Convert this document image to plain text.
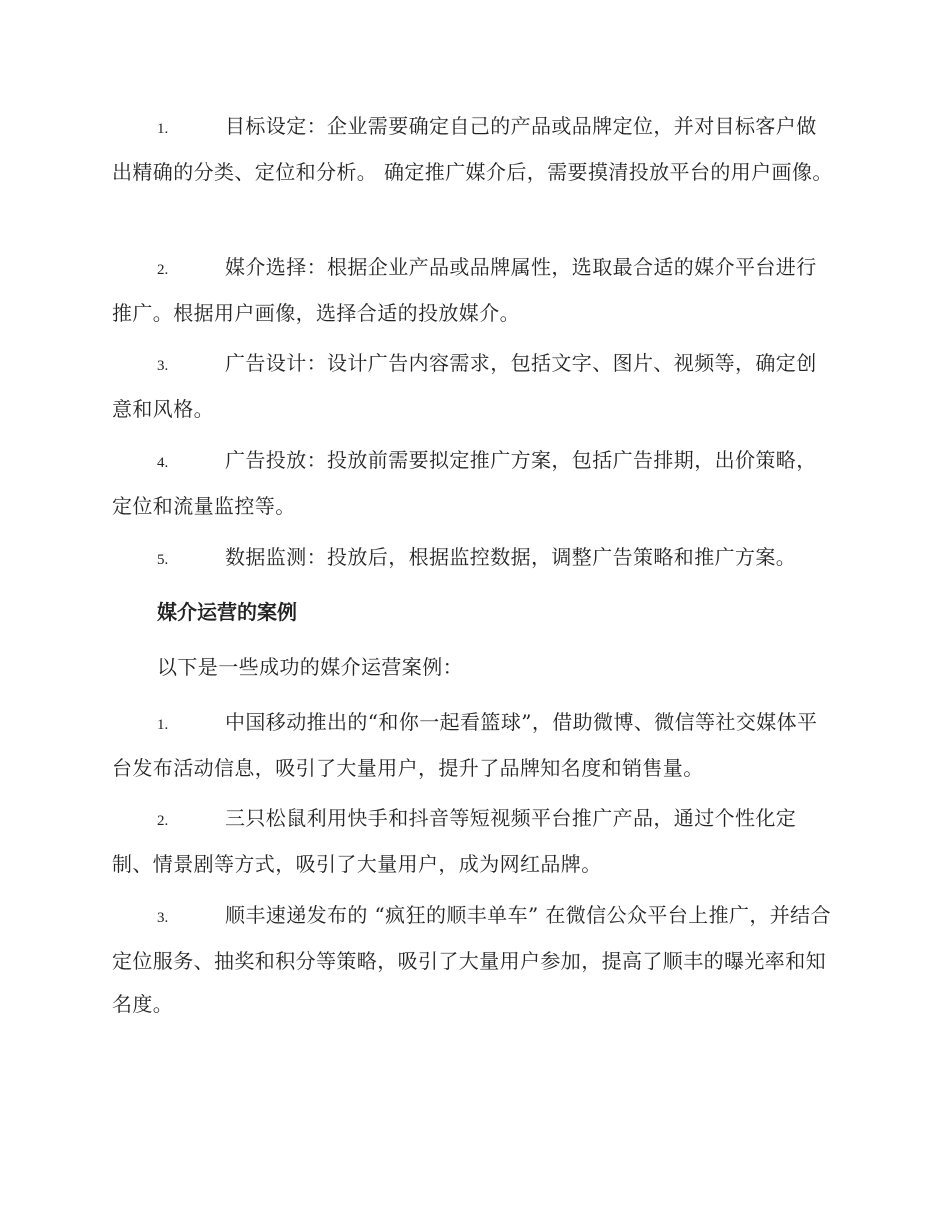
1.	目标设定：企业需要确定自己的产品或品牌定位，并对目标客户做出精确的分类、定位和分析。 确定推广媒介后，需要摸清投放平台的用户画像。

2.	媒介选择：根据企业产品或品牌属性，选取最合适的媒介平台进行推广。根据用户画像，选择合适的投放媒介。

3.	广告设计：设计广告内容需求，包括文字、图片、视频等，确定创意和风格。

4.	广告投放：投放前需要拟定推广方案，包括广告排期，出价策略，定位和流量监控等。

5.	数据监测：投放后，根据监控数据，调整广告策略和推广方案。

媒介运营的案例

以下是一些成功的媒介运营案例：

1.	中国移动推出的“和你一起看篮球”，借助微博、微信等社交媒体平台发布活动信息，吸引了大量用户，提升了品牌知名度和销售量。

2.	三只松鼠利用快手和抖音等短视频平台推广产品，通过个性化定制、情景剧等方式，吸引了大量用户，成为网红品牌。

3.	顺丰速递发布的 “疯狂的顺丰单车” 在微信公众平台上推广，并结合定位服务、抽奖和积分等策略，吸引了大量用户参加，提高了顺丰的曝光率和知名度。
